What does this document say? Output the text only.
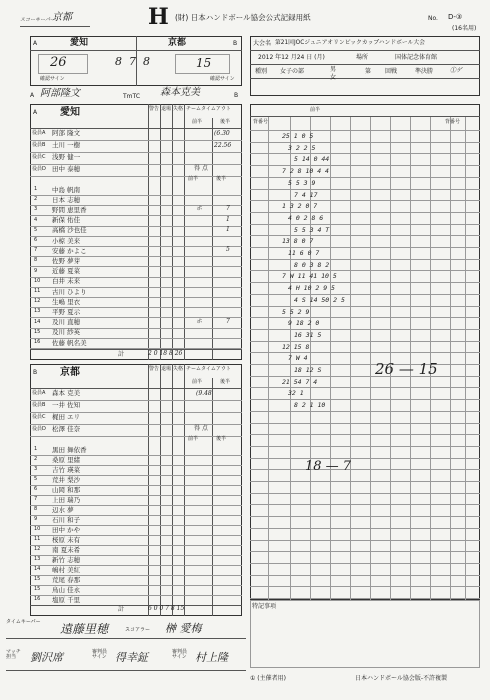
スコーキーパー
京都	H (財) 日本ハンドボール協会公式記録用紙	No. D-③
(16名用)
A	愛知	京都	B
26	8  7  8	15
確認サイン	確認サイン
A 阿部隆文	TmTC 森本克美	B
大会名 第21回JOCジュニアオリンピックカップハンドボール大会
2012 年12 月24 日 (月)	場所	国体記念体育館
種別 女子の部	男
女
第 回戦	準決勝	①ゲ
A 愛知	警告 退場 失格 チームタイムアウト
前半	後半
役員A 阿部 隆文
役員B 土川 一樹
役員C 浅野 健一
役員D 田中 泰穂
(6.30
22.56
得 点
前半	後半
1 中島 帆南
2 日本 志穂
3 野間 恵里香	ホ	7
4 新保 佑佳	1
5 高橋 沙也佳	1
6 小椋 美来
7 安藤 かよこ	5
8 佐野 夢芽
9 近藤 夏菜
10 白井 未来
11 古川 ひより
12 生嶋 里衣
13 平野 夏示
14 及川 直穂	ホ	7
15 及川 紗英
16 佐藤 帆名美
計	2 0 18 8 26
B 京都	警告 退場 失格 チームタイムアウト
前半	後半
役員A 森本 克美
役員B 一井 佐知
役員C 梶田 エリ
役員D 松澤 佳奈
(9.48
得 点
前半	後半
1 黒田 舞依香
2 桑原 里緒
3 吉竹 瑛菜
5 荒井 梨沙
6 山岡 和那
7 上田 瑞乃
8 辺水 夢
9 石川 和子
10 田中 かや
11 桜原 未有
12 南 夏未希
13 新竹 志穂
14 嶋村 美紅
15 荒尾 春那
15 鳥山 佳永
16 塩原 千里
計	6 0 0 7 8 15
背番号
前半
背番号
25 1 0 5
3 2 2 5
5 14 0 44
7 2 8 10 4 4
5 5 3 9
7 4 17
1 3 2 0 7
4 0 2 8 6
5 5 3 4 T
13 8 0 7
11 6 0 7
8 0 3 8 2
7 W 11 41 10 5
4 H 10 2 9 5
4 S 14 50 2 5
5 5 2 9
9 18 2 0
16 31 5
12 15 8
7 W 4
18 12 S
21 54 7 4
32 1
8 2 1 10
26 — 15
18 — 7
タイムキーパー 遠藤里穂	スコアラー 榊 愛梅
マッチ
担当	劉沢席	審判員
サイン 得幸鉦	審判員
サイン 村上隆
特記事項
① (主催者用)	日本ハンドボール協会版-不許複製
